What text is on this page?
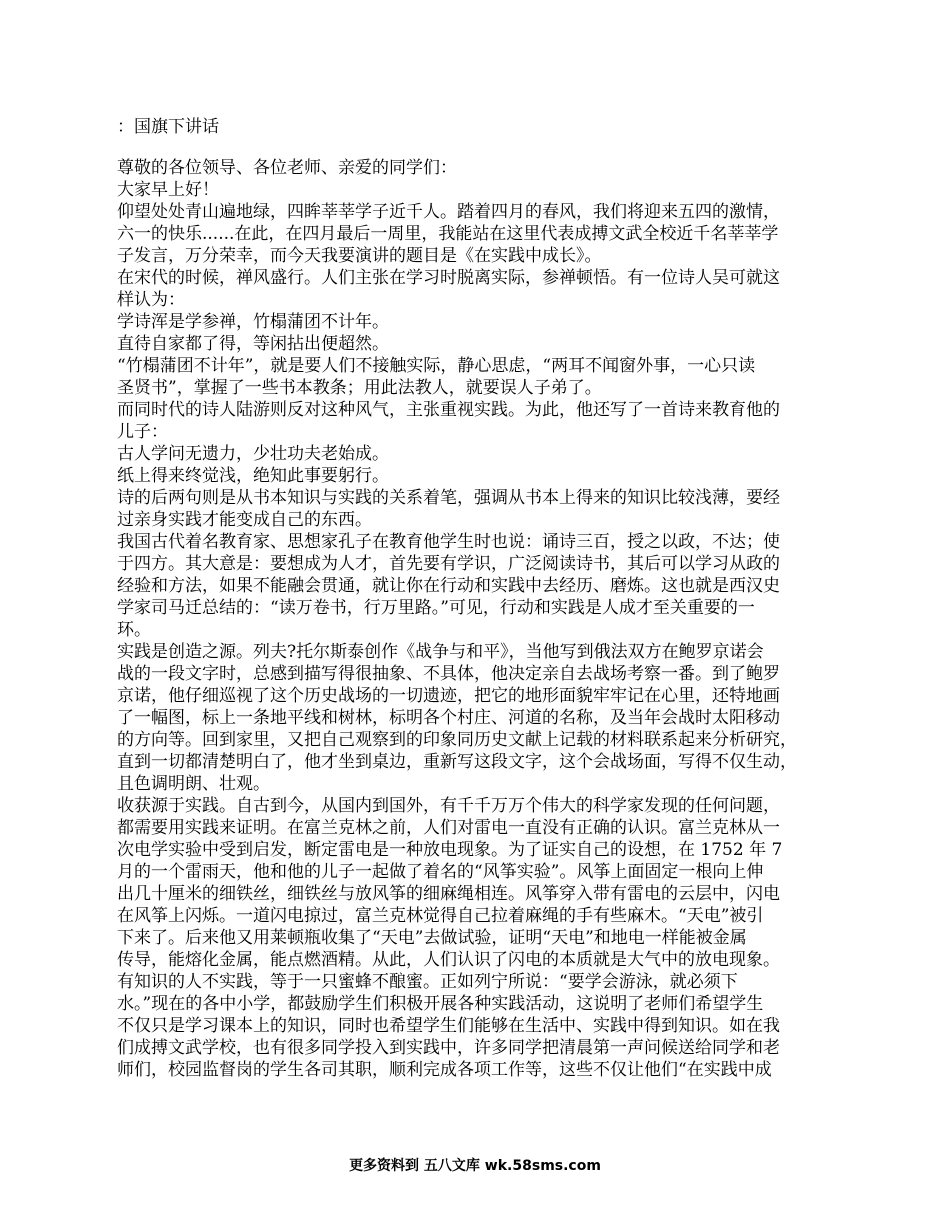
：国旗下讲话
尊敬的各位领导、各位老师、亲爱的同学们：
大家早上好！
仰望处处青山遍地绿，四眸莘莘学子近千人。踏着四月的春风，我们将迎来五四的激情，
六一的快乐......在此，在四月最后一周里，我能站在这里代表成搏文武全校近千名莘莘学
子发言，万分荣幸，而今天我要演讲的题目是《在实践中成长》。
在宋代的时候，禅风盛行。人们主张在学习时脱离实际，参禅顿悟。有一位诗人吴可就这
样认为：
学诗浑是学参禅，竹榻蒲团不计年。
直待自家都了得，等闲拈出便超然。
“竹榻蒲团不计年”，就是要人们不接触实际，静心思虑，“两耳不闻窗外事，一心只读
圣贤书”，掌握了一些书本教条；用此法教人，就要误人子弟了。
而同时代的诗人陆游则反对这种风气，主张重视实践。为此，他还写了一首诗来教育他的
儿子：
古人学问无遗力，少壮功夫老始成。
纸上得来终觉浅，绝知此事要躬行。
诗的后两句则是从书本知识与实践的关系着笔，强调从书本上得来的知识比较浅薄，要经
过亲身实践才能变成自己的东西。
我国古代着名教育家、思想家孔子在教育他学生时也说：诵诗三百，授之以政，不达；使
于四方。其大意是：要想成为人才，首先要有学识，广泛阅读诗书，其后可以学习从政的
经验和方法，如果不能融会贯通，就让你在行动和实践中去经历、磨炼。这也就是西汉史
学家司马迁总结的：“读万卷书，行万里路。”可见，行动和实践是人成才至关重要的一
环。
实践是创造之源。列夫?托尔斯泰创作《战争与和平》，当他写到俄法双方在鲍罗京诺会
战的一段文字时，总感到描写得很抽象、不具体，他决定亲自去战场考察一番。到了鲍罗
京诺，他仔细巡视了这个历史战场的一切遗迹，把它的地形面貌牢牢记在心里，还特地画
了一幅图，标上一条地平线和树林，标明各个村庄、河道的名称，及当年会战时太阳移动
的方向等。回到家里，又把自己观察到的印象同历史文献上记载的材料联系起来分析研究，
直到一切都清楚明白了，他才坐到桌边，重新写这段文字，这个会战场面，写得不仅生动，
且色调明朗、壮观。
收获源于实践。自古到今，从国内到国外，有千千万万个伟大的科学家发现的任何问题，
都需要用实践来证明。在富兰克林之前，人们对雷电一直没有正确的认识。富兰克林从一
次电学实验中受到启发，断定雷电是一种放电现象。为了证实自己的设想，在 1752 年 7
月的一个雷雨天，他和他的儿子一起做了着名的“风筝实验”。风筝上面固定一根向上伸
出几十厘米的细铁丝，细铁丝与放风筝的细麻绳相连。风筝穿入带有雷电的云层中，闪电
在风筝上闪烁。一道闪电掠过，富兰克林觉得自己拉着麻绳的手有些麻木。“天电”被引
下来了。后来他又用莱顿瓶收集了“天电”去做试验，证明“天电”和地电一样能被金属
传导，能熔化金属，能点燃酒精。从此，人们认识了闪电的本质就是大气中的放电现象。
有知识的人不实践，等于一只蜜蜂不酿蜜。正如列宁所说：“要学会游泳，就必须下
水。”现在的各中小学，都鼓励学生们积极开展各种实践活动，这说明了老师们希望学生
不仅只是学习课本上的知识，同时也希望学生们能够在生活中、实践中得到知识。如在我
们成搏文武学校，也有很多同学投入到实践中，许多同学把清晨第一声问候送给同学和老
师们，校园监督岗的学生各司其职，顺利完成各项工作等，这些不仅让他们“在实践中成
更多资料到 五八文库 wk.58sms.com
